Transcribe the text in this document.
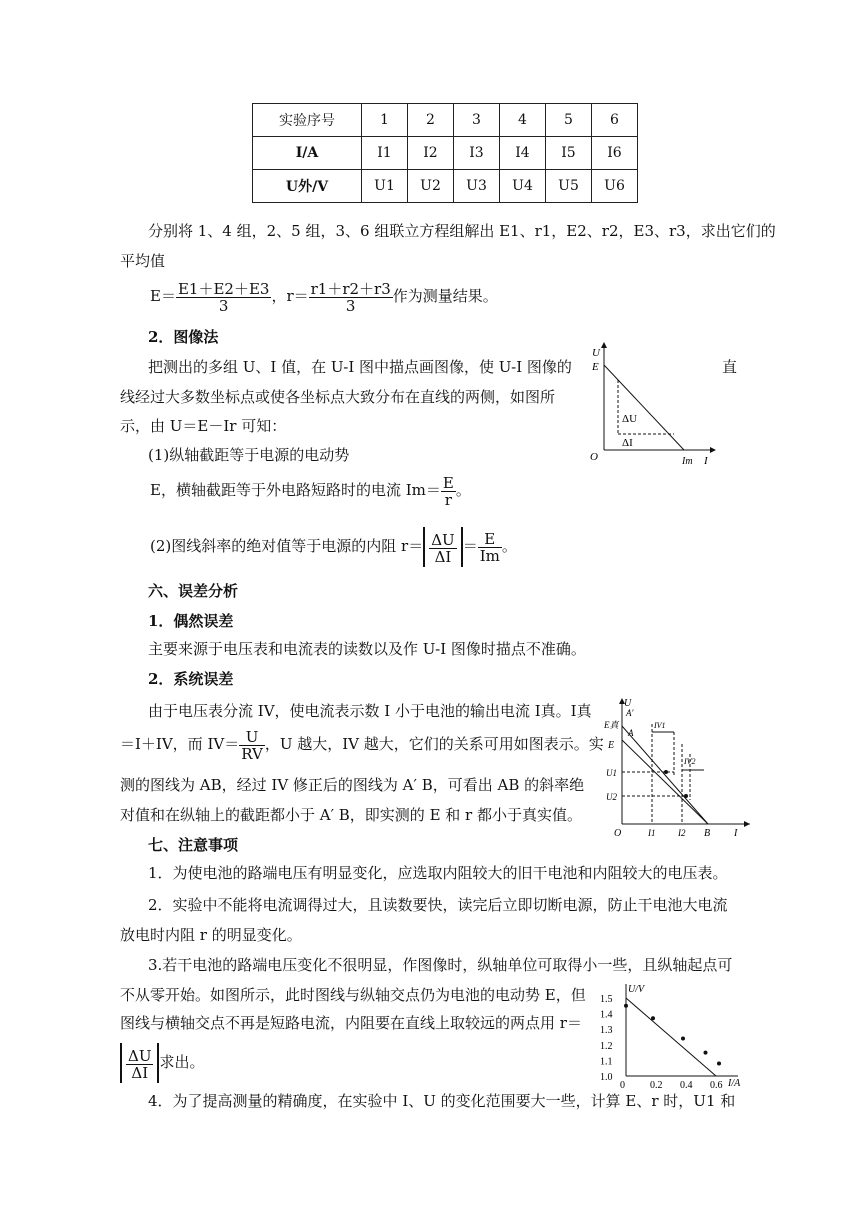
实验序号	1	2	3	4	5	6
I/A	I1	I2	I3	I4	I5	I6
U外/V	U1	U2	U3	U4	U5	U6
分别将 1、4 组，2、5 组，3、6 组联立方程组解出 E1、r1，E2、r2，E3、r3，求出它们的
平均值
$E= \frac{E1+E2+E3}{3}$ ，$r= \frac{r1+r2+r3}{3}$ 作为测量结果。
2．图像法
把测出的多组 U、I 值，在 U-I 图中描点画图像，使 U-I 图像的	直
线经过大多数坐标点或使各坐标点大致分布在直线的两侧，如图所
示，由 U＝E－Ir 可知：
(1)纵轴截距等于电源的电动势
E，横轴截距等于外电路短路时的电流 $Im= \frac{E}{r}$ 。
(2)图线斜率的绝对值等于电源的内阻 $r= \frac{\Delta U}{\Delta I} = \frac{E}{Im}$ 。
六、误差分析
1．偶然误差
主要来源于电压表和电流表的读数以及作 U-I 图像时描点不准确。
2．系统误差
由于电压表分流 IV，使电流表示数 I 小于电池的输出电流 I真。I真
＝I＋IV，而 $IV= \frac{U}{RV}$ ，U 越大，IV 越大，它们的关系可用如图表示。实
测的图线为 AB，经过 IV 修正后的图线为 A′ B，可看出 AB 的斜率绝
对值和在纵轴上的截距都小于 A′ B，即实测的 E 和 r 都小于真实值。
七、注意事项
1．为使电池的路端电压有明显变化，应选取内阻较大的旧干电池和内阻较大的电压表。
2．实验中不能将电流调得过大，且读数要快，读完后立即切断电源，防止干电池大电流
放电时内阻 r 的明显变化。
3.若干电池的路端电压变化不很明显，作图像时，纵轴单位可取得小一些，且纵轴起点可
不从零开始。如图所示，此时图线与纵轴交点仍为电池的电动势 E，但
图线与横轴交点不再是短路电流，内阻要在直线上取较远的两点用 r＝
$\frac{\Delta U}{\Delta I}$ 求出。
4．为了提高测量的精确度，在实验中 I、U 的变化范围要大一些，计算 E、r 时，U1 和
U
E
O	Im I
ΔU
ΔI
U
E真
A′
A
E
IV1
IV2
U1
U2
O	I1	I2 B I
U/V
I/A
1.5
1.4
1.3
1.2
1.1
1.0
0	0.2 0.4 0.6
